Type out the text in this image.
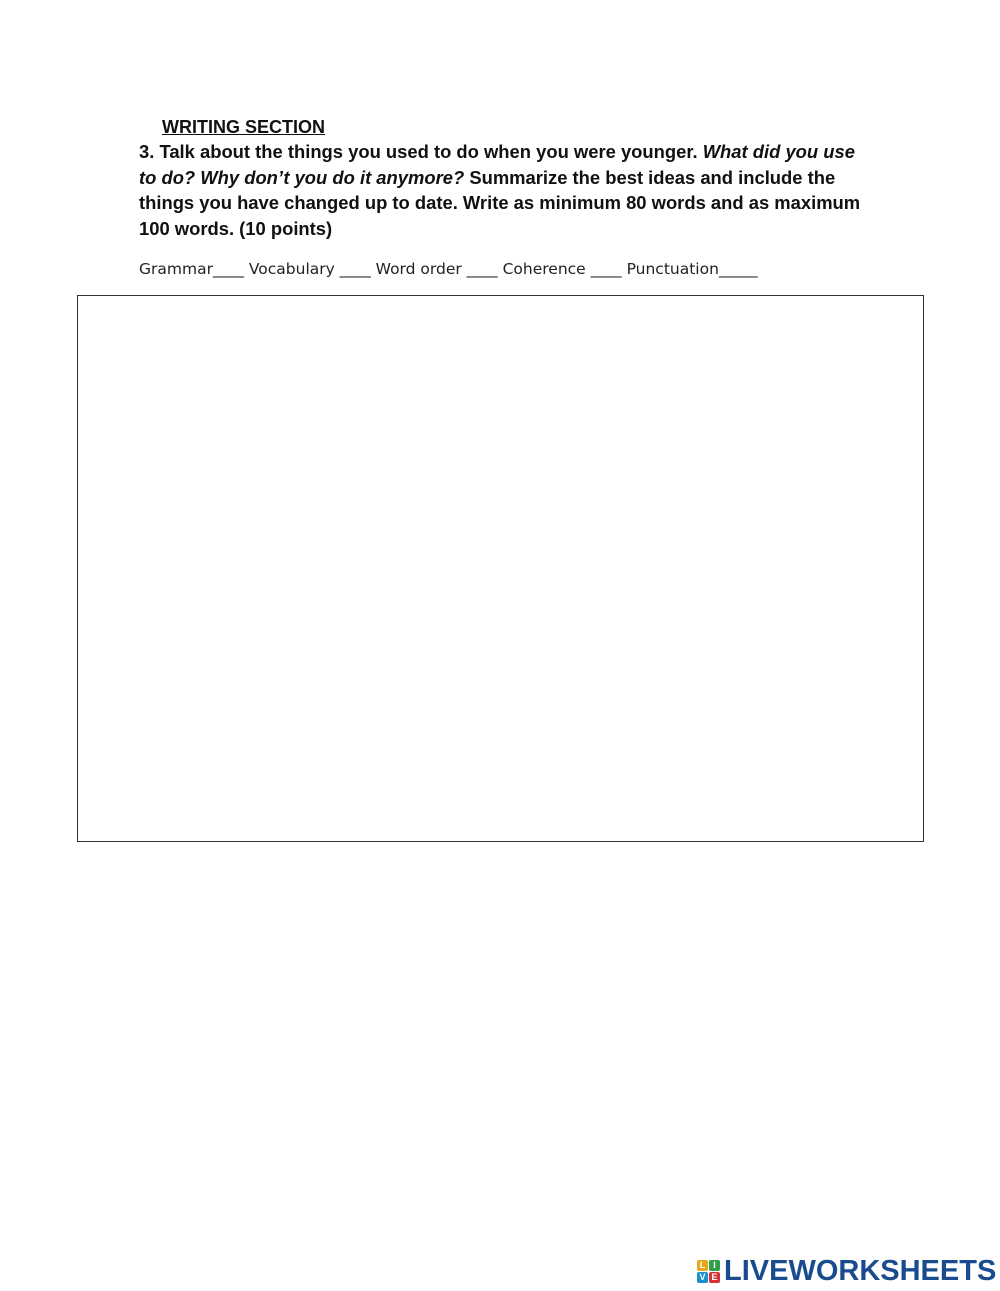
WRITING SECTION
3. Talk about the things you used to do when you were younger. What did you use to do? Why don’t you do it anymore? Summarize the best ideas and include the things you have changed up to date. Write as minimum 80 words and as maximum 100 words. (10 points)
Grammar____ Vocabulary ____ Word order ____ Coherence ____ Punctuation_____
L I
V E LIVEWORKSHEETS
